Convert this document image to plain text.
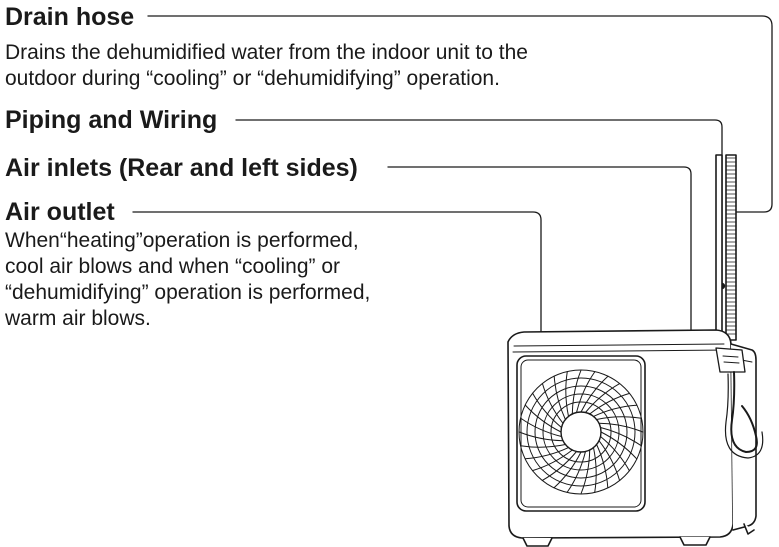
Drain hose
Drains the dehumidified water from the indoor unit to the
outdoor during “cooling” or “dehumidifying” operation.
Piping and Wiring
Air inlets (Rear and left sides)
Air outlet
When“heating”operation is performed,
cool air blows and when “cooling” or
“dehumidifying” operation is performed,
warm air blows.
